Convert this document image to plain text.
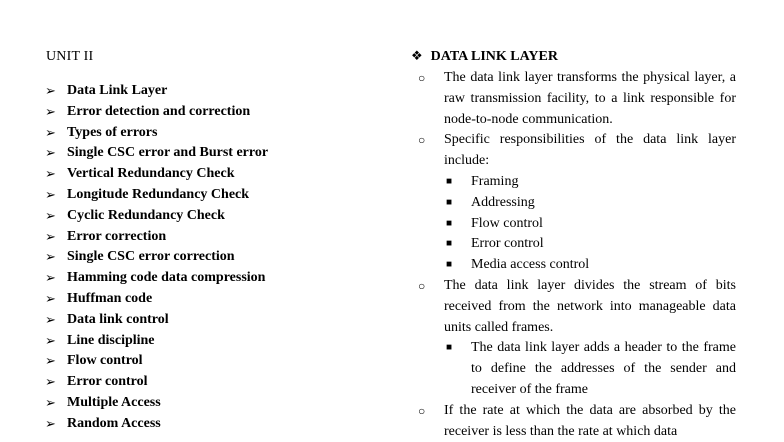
UNIT II
➢ Data Link Layer
➢ Error detection and correction
➢ Types of errors
➢ Single CSC error and Burst error
➢ Vertical Redundancy Check
➢ Longitude Redundancy Check
➢ Cyclic Redundancy Check
➢ Error correction
➢ Single CSC error correction
➢ Hamming code data compression
➢ Huffman code
➢ Data link control
➢ Line discipline
➢ Flow control
➢ Error control
➢ Multiple Access
➢ Random Access
❖ DATA LINK LAYER
○ The data link layer transforms the physical layer, a raw transmission facility, to a link responsible for node-to-node communication.
○ Specific responsibilities of the data link layer include:
■ Framing
■ Addressing
■ Flow control
■ Error control
■ Media access control
○ The data link layer divides the stream of bits received from the network into manageable data units called frames.
■ The data link layer adds a header to the frame to define the addresses of the sender and receiver of the frame
○ If the rate at which the data are absorbed by the receiver is less than the rate at which data
